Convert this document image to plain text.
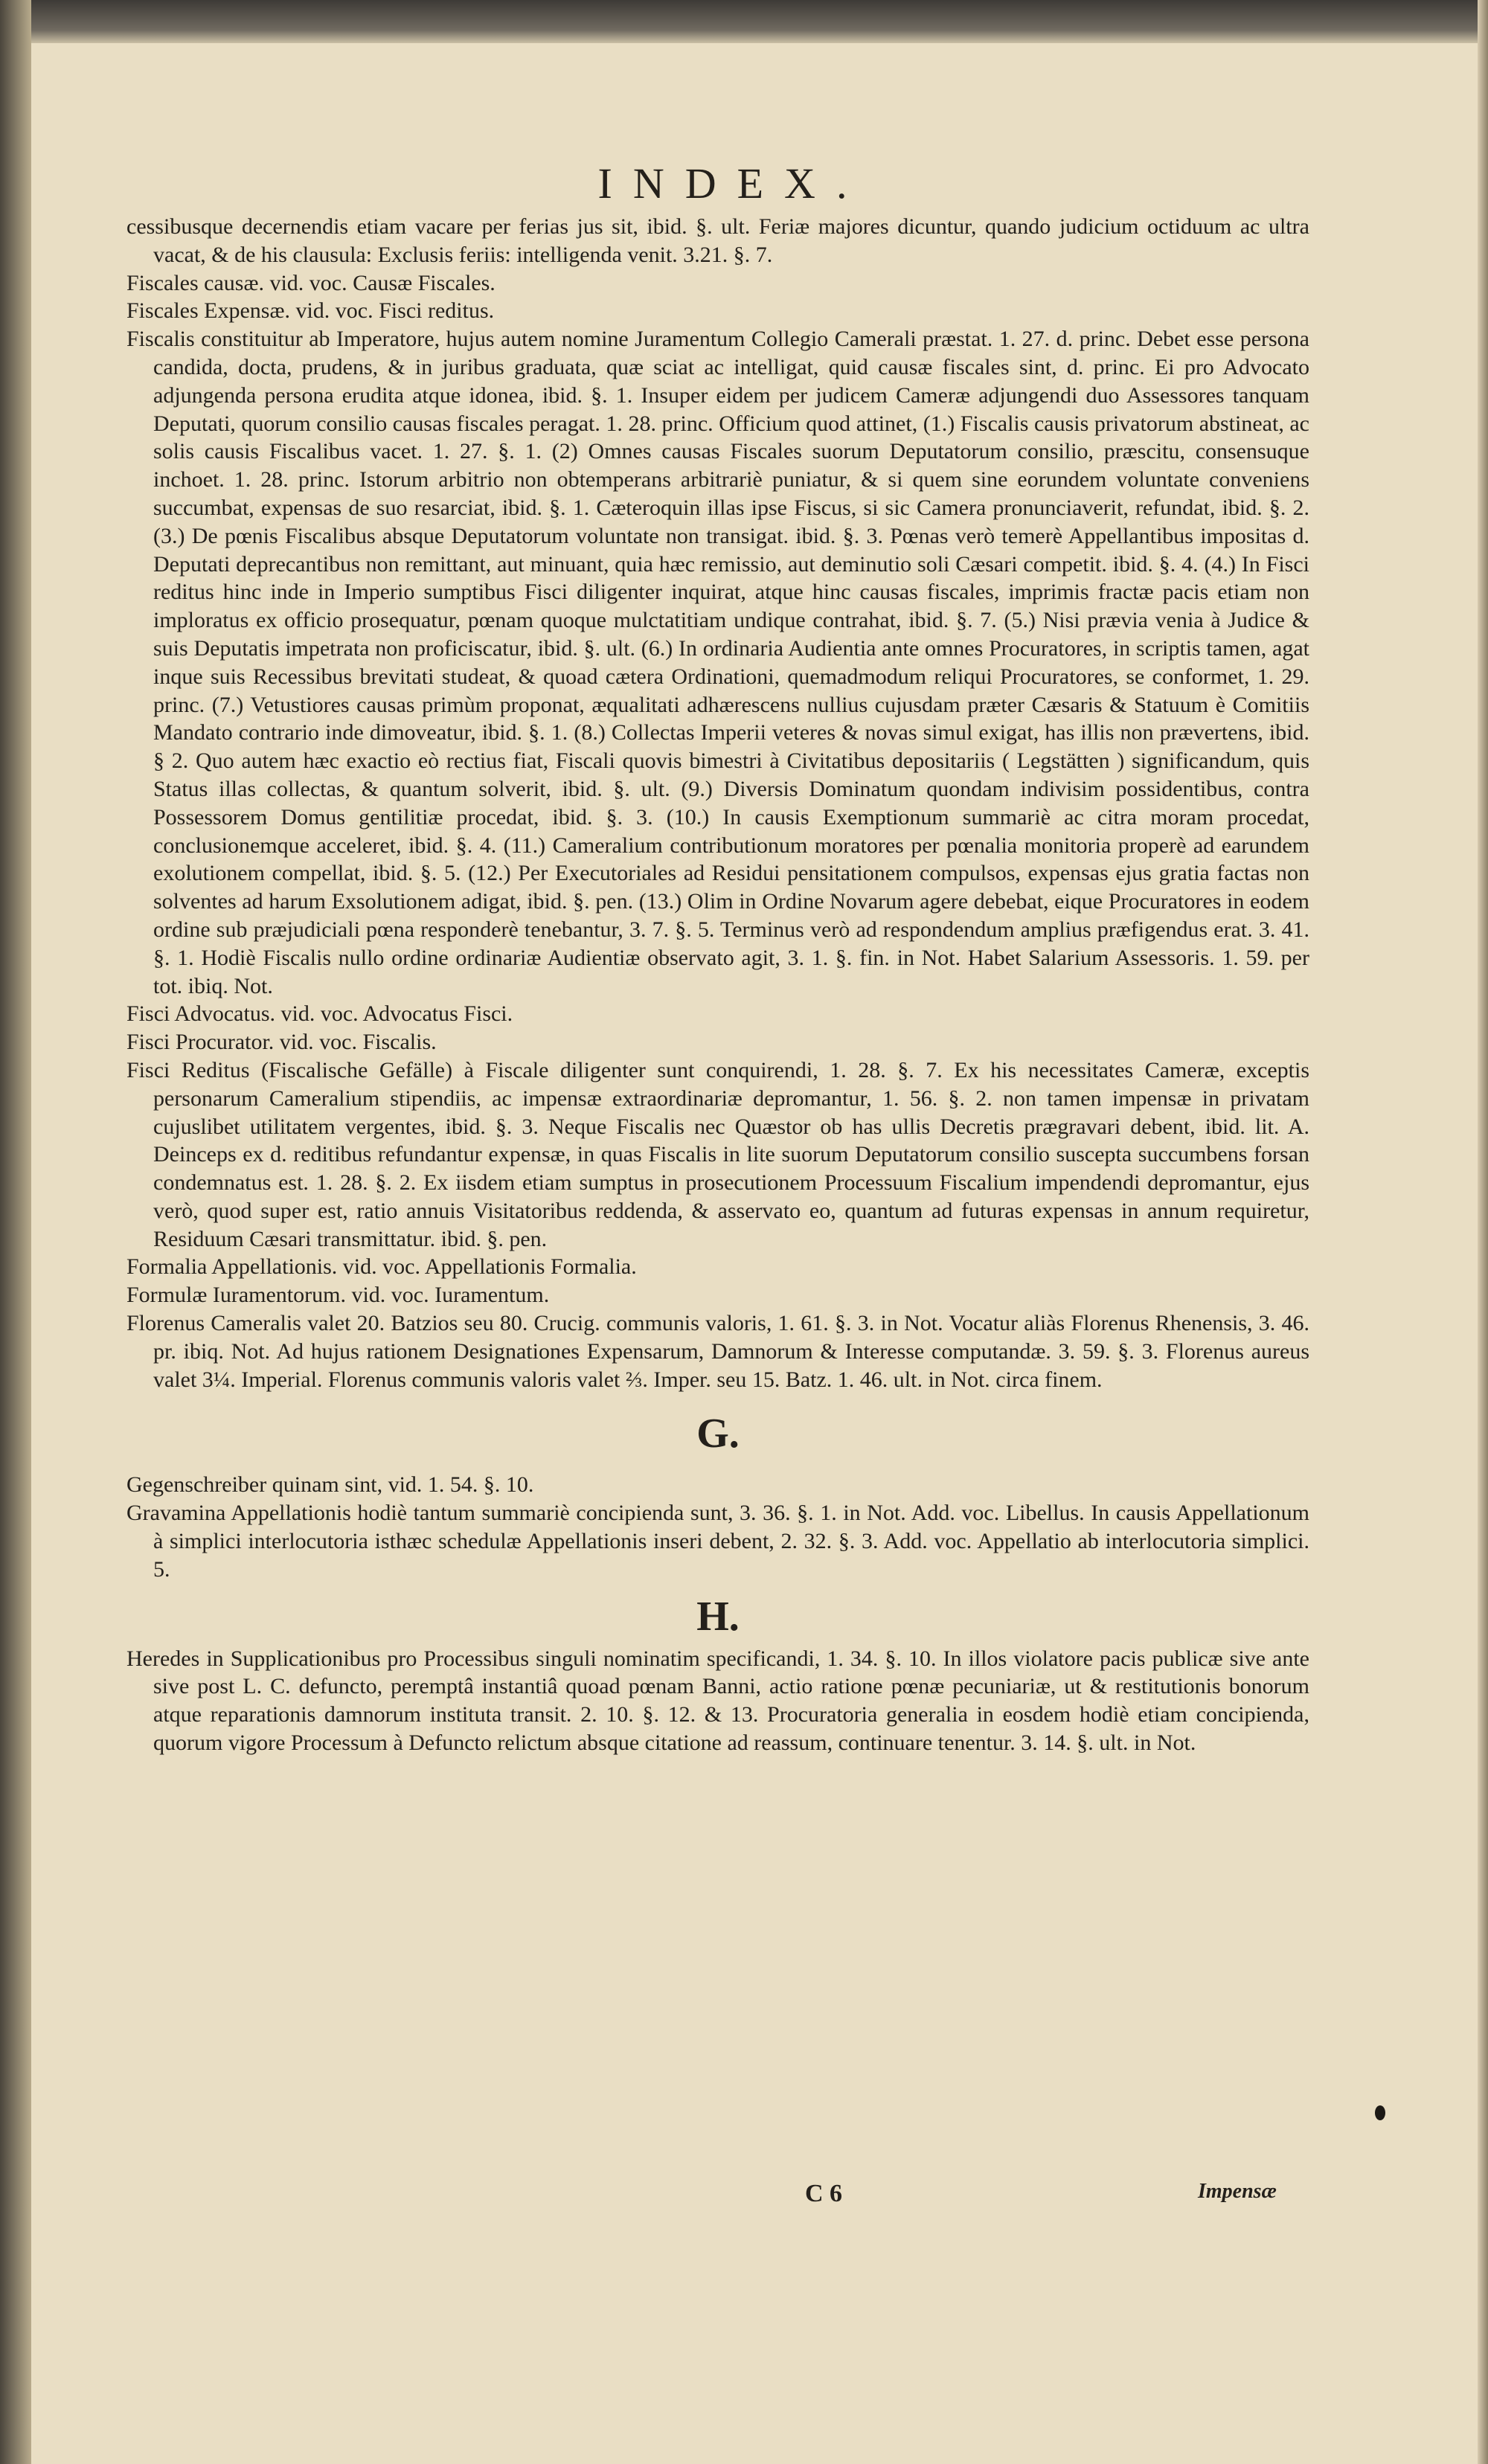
INDEX.

cessibusque decernendis etiam vacare per ferias jus sit, ibid. §. ult. Feriæ majores dicuntur, quando judicium octiduum ac ultra vacat, & de his clausula: Exclusis feriis: intelligenda venit. 3.21. §. 7.

Fiscales causæ. vid. voc. Causæ Fiscales.

Fiscales Expensæ. vid. voc. Fisci reditus.

Fiscalis constituitur ab Imperatore, hujus autem nomine Juramentum Collegio Camerali præstat. 1. 27. d. princ. Debet esse persona candida, docta, prudens, & in juribus graduata, quæ sciat ac intelligat, quid causæ fiscales sint, d. princ. Ei pro Advocato adjungenda persona erudita atque idonea, ibid. §. 1. Insuper eidem per judicem Cameræ adjungendi duo Assessores tanquam Deputati, quorum consilio causas fiscales peragat. 1. 28. princ. Officium quod attinet, (1.) Fiscalis causis privatorum abstineat, ac solis causis Fiscalibus vacet. 1. 27. §. 1. (2) Omnes causas Fiscales suorum Deputatorum consilio, præscitu, consensuque inchoet. 1. 28. princ. Istorum arbitrio non obtemperans arbitrariè puniatur, & si quem sine eorundem voluntate conveniens succumbat, expensas de suo resarciat, ibid. §. 1. Cæteroquin illas ipse Fiscus, si sic Camera pronunciaverit, refundat, ibid. §. 2. (3.) De pœnis Fiscalibus absque Deputatorum voluntate non transigat. ibid. §. 3. Pœnas verò temerè Appellantibus impositas d. Deputati deprecantibus non remittant, aut minuant, quia hæc remissio, aut deminutio soli Cæsari competit. ibid. §. 4. (4.) In Fisci reditus hinc inde in Imperio sumptibus Fisci diligenter inquirat, atque hinc causas fiscales, imprimis fractæ pacis etiam non imploratus ex officio prosequatur, pœnam quoque mulctatitiam undique contrahat, ibid. §. 7. (5.) Nisi prævia venia à Judice & suis Deputatis impetrata non proficiscatur, ibid. §. ult. (6.) In ordinaria Audientia ante omnes Procuratores, in scriptis tamen, agat inque suis Recessibus brevitati studeat, & quoad cætera Ordinationi, quemadmodum reliqui Procuratores, se conformet, 1. 29. princ. (7.) Vetustiores causas primùm proponat, æqualitati adhærescens nullius cujusdam præter Cæsaris & Statuum è Comitiis Mandato contrario inde dimoveatur, ibid. §. 1. (8.) Collectas Imperii veteres & novas simul exigat, has illis non prævertens, ibid. § 2. Quo autem hæc exactio eò rectius fiat, Fiscali quovis bimestri à Civitatibus depositariis ( Legstätten ) significandum, quis Status illas collectas, & quantum solverit, ibid. §. ult. (9.) Diversis Dominatum quondam indivisim possidentibus, contra Possessorem Domus gentilitiæ procedat, ibid. §. 3. (10.) In causis Exemptionum summariè ac citra moram procedat, conclusionemque acceleret, ibid. §. 4. (11.) Cameralium contributionum moratores per pœnalia monitoria properè ad earundem exolutionem compellat, ibid. §. 5. (12.) Per Executoriales ad Residui pensitationem compulsos, expensas ejus gratia factas non solventes ad harum Exsolutionem adigat, ibid. §. pen. (13.) Olim in Ordine Novarum agere debebat, eique Procuratores in eodem ordine sub præjudiciali pœna responderè tenebantur, 3. 7. §. 5. Terminus verò ad respondendum amplius præfigendus erat. 3. 41. §. 1. Hodiè Fiscalis nullo ordine ordinariæ Audientiæ observato agit, 3. 1. §. fin. in Not. Habet Salarium Assessoris. 1. 59. per tot. ibiq. Not.

Fisci Advocatus. vid. voc. Advocatus Fisci.

Fisci Procurator. vid. voc. Fiscalis.

Fisci Reditus (Fiscalische Gefälle) à Fiscale diligenter sunt conquirendi, 1. 28. §. 7. Ex his necessitates Cameræ, exceptis personarum Cameralium stipendiis, ac impensæ extraordinariæ depromantur, 1. 56. §. 2. non tamen impensæ in privatam cujuslibet utilitatem vergentes, ibid. §. 3. Neque Fiscalis nec Quæstor ob has ullis Decretis prægravari debent, ibid. lit. A. Deinceps ex d. reditibus refundantur expensæ, in quas Fiscalis in lite suorum Deputatorum consilio suscepta succumbens forsan condemnatus est. 1. 28. §. 2. Ex iisdem etiam sumptus in prosecutionem Processuum Fiscalium impendendi depromantur, ejus verò, quod super est, ratio annuis Visitatoribus reddenda, & asservato eo, quantum ad futuras expensas in annum requiretur, Residuum Cæsari transmittatur. ibid. §. pen.

Formalia Appellationis. vid. voc. Appellationis Formalia.

Formulæ Iuramentorum. vid. voc. Iuramentum.

Florenus Cameralis valet 20. Batzios seu 80. Crucig. communis valoris, 1. 61. §. 3. in Not. Vocatur aliàs Florenus Rhenensis, 3. 46. pr. ibiq. Not. Ad hujus rationem Designationes Expensarum, Damnorum & Interesse computandæ. 3. 59. §. 3. Florenus aureus valet 3¼. Imperial. Florenus communis valoris valet ⅔. Imper. seu 15. Batz. 1. 46. ult. in Not. circa finem.

G.

Gegenschreiber quinam sint, vid. 1. 54. §. 10.

Gravamina Appellationis hodiè tantum summariè concipienda sunt, 3. 36. §. 1. in Not. Add. voc. Libellus. In causis Appellationum à simplici interlocutoria isthæc schedulæ Appellationis inseri debent, 2. 32. §. 3. Add. voc. Appellatio ab interlocutoria simplici. 5.

H.

Heredes in Supplicationibus pro Processibus singuli nominatim specificandi, 1. 34. §. 10. In illos violatore pacis publicæ sive ante sive post L. C. defuncto, peremptâ instantiâ quoad pœnam Banni, actio ratione pœnæ pecuniariæ, ut & restitutionis bonorum atque reparationis damnorum instituta transit. 2. 10. §. 12. & 13. Procuratoria generalia in eosdem hodiè etiam concipienda, quorum vigore Processum à Defuncto relictum absque citatione ad reassum, continuare tenentur. 3. 14. §. ult. in Not.

C 6	Impensæ
